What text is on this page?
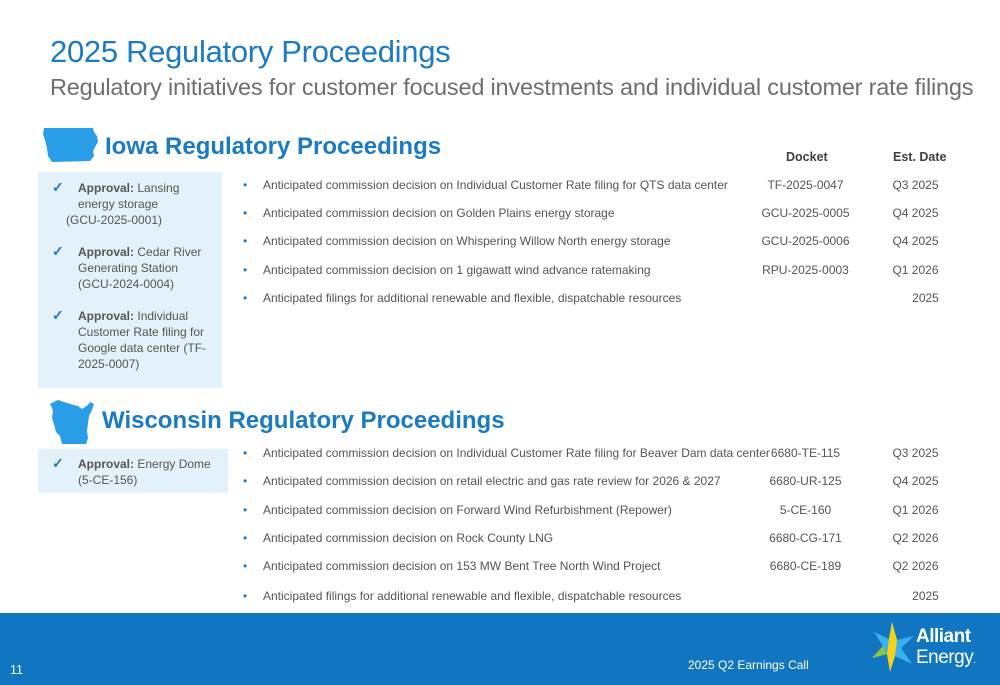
2025 Regulatory Proceedings
Regulatory initiatives for customer focused investments and individual customer rate filings
Iowa Regulatory Proceedings	Docket	Est. Date
✓ Approval: Lansing energy storage
(GCU-2025-0001)
✓ Approval: Cedar River Generating Station (GCU-2024-0004)
✓ Approval: Individual Customer Rate filing for Google data center (TF-2025-0007)
• Anticipated commission decision on Individual Customer Rate filing for QTS data center	TF-2025-0047	Q3 2025
• Anticipated commission decision on Golden Plains energy storage	GCU-2025-0005	Q4 2025
• Anticipated commission decision on Whispering Willow North energy storage	GCU-2025-0006	Q4 2025
• Anticipated commission decision on 1 gigawatt wind advance ratemaking	RPU-2025-0003	Q1 2026
• Anticipated filings for additional renewable and flexible, dispatchable resources	2025
Wisconsin Regulatory Proceedings
✓ Approval: Energy Dome (5-CE-156)
• Anticipated commission decision on Individual Customer Rate filing for Beaver Dam data center 6680-TE-115	Q3 2025
• Anticipated commission decision on retail electric and gas rate review for 2026 & 2027	6680-UR-125	Q4 2025
• Anticipated commission decision on Forward Wind Refurbishment (Repower)	5-CE-160	Q1 2026
• Anticipated commission decision on Rock County LNG	6680-CG-171	Q2 2026
• Anticipated commission decision on 153 MW Bent Tree North Wind Project	6680-CE-189	Q2 2026
• Anticipated filings for additional renewable and flexible, dispatchable resources	2025
11	2025 Q2 Earnings Call
Alliant
Energy.
